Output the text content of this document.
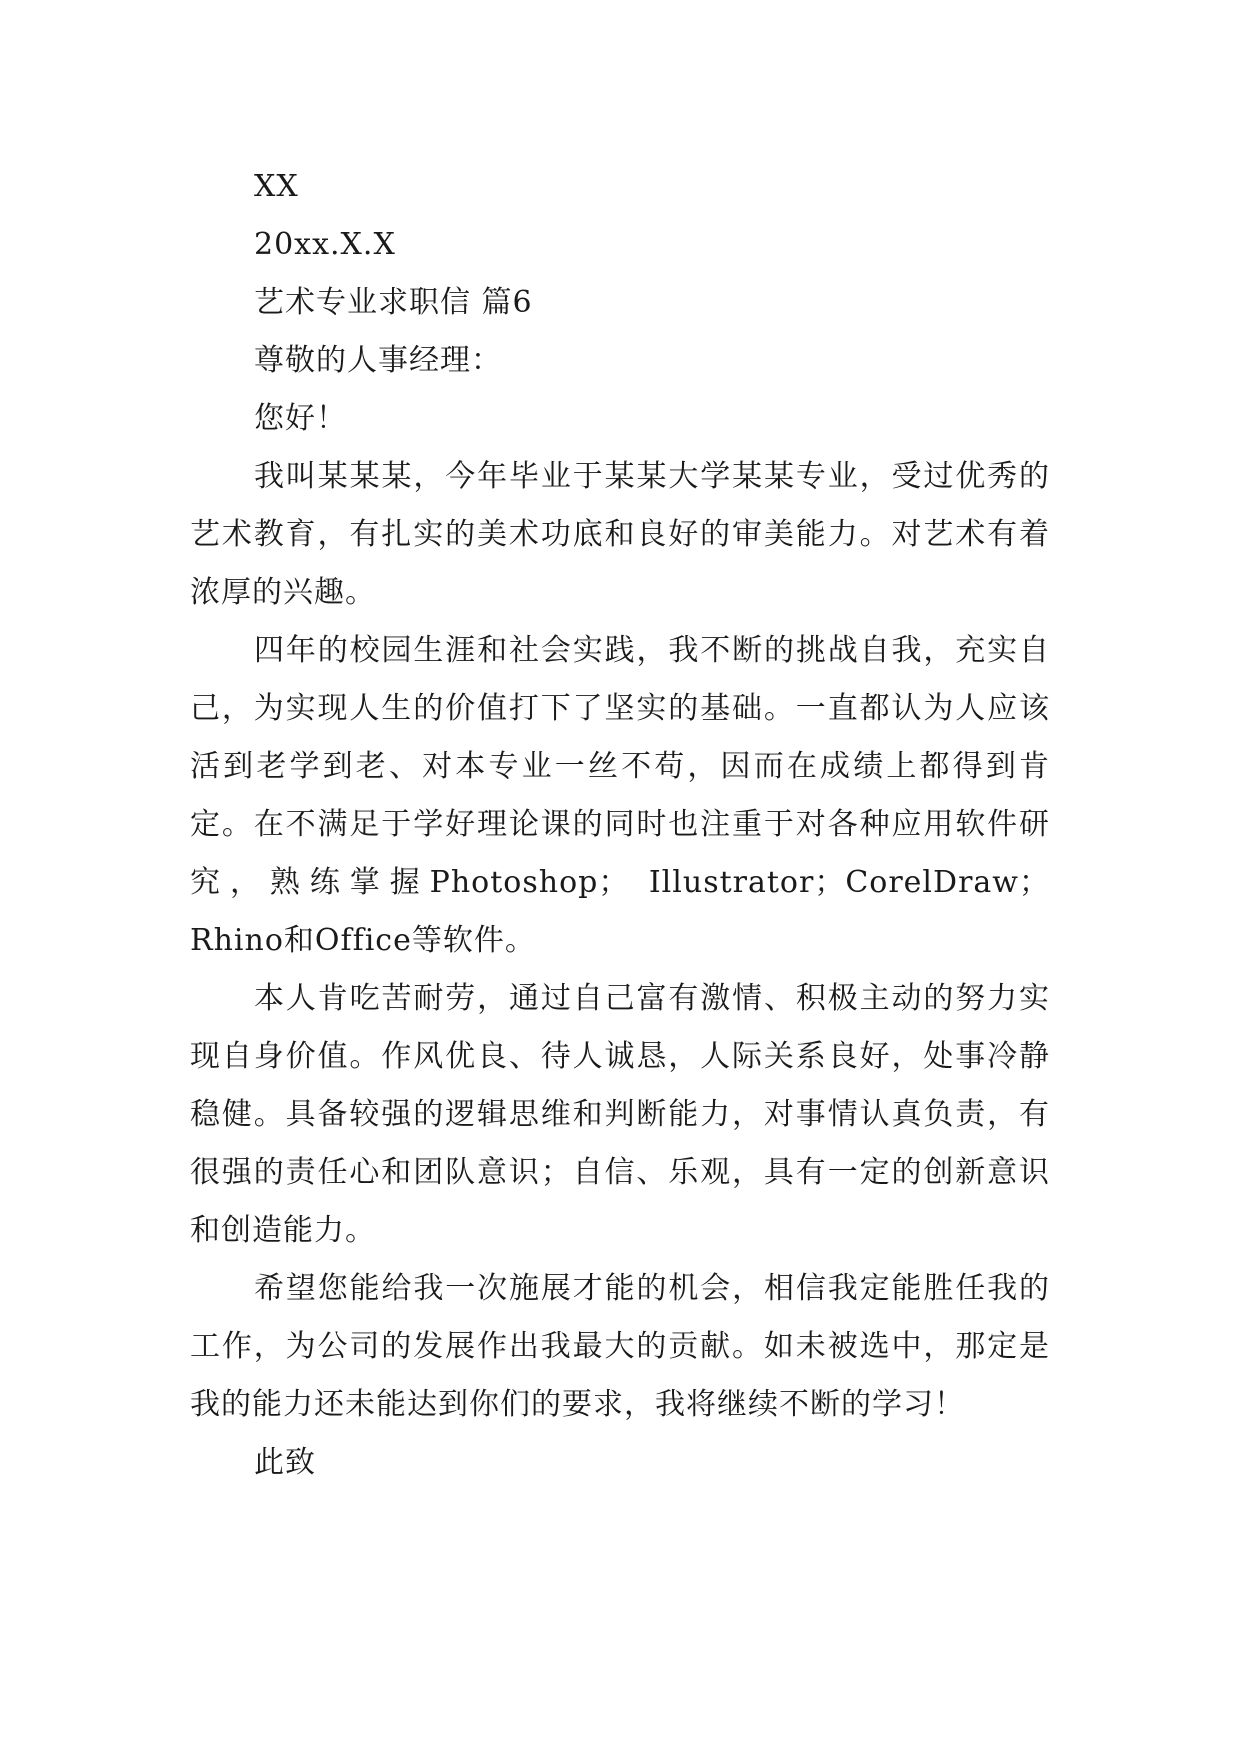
XX

20xx.X.X

艺术专业求职信 篇6

尊敬的人事经理：

您好！

我叫某某某，今年毕业于某某大学某某专业，受过优秀的艺术教育，有扎实的美术功底和良好的审美能力。对艺术有着浓厚的兴趣。

四年的校园生涯和社会实践，我不断的挑战自我，充实自己，为实现人生的价值打下了坚实的基础。一直都认为人应该活到老学到老、对本专业一丝不苟，因而在成绩上都得到肯定。在不满足于学好理论课的同时也注重于对各种应用软件研究，熟练掌握Photoshop； Illustrator；CorelDraw；Rhino和Office等软件。

本人肯吃苦耐劳，通过自己富有激情、积极主动的努力实现自身价值。作风优良、待人诚恳，人际关系良好，处事冷静稳健。具备较强的逻辑思维和判断能力，对事情认真负责，有很强的责任心和团队意识；自信、乐观，具有一定的创新意识和创造能力。

希望您能给我一次施展才能的机会，相信我定能胜任我的工作，为公司的发展作出我最大的贡献。如未被选中，那定是我的能力还未能达到你们的要求，我将继续不断的学习！

此致
